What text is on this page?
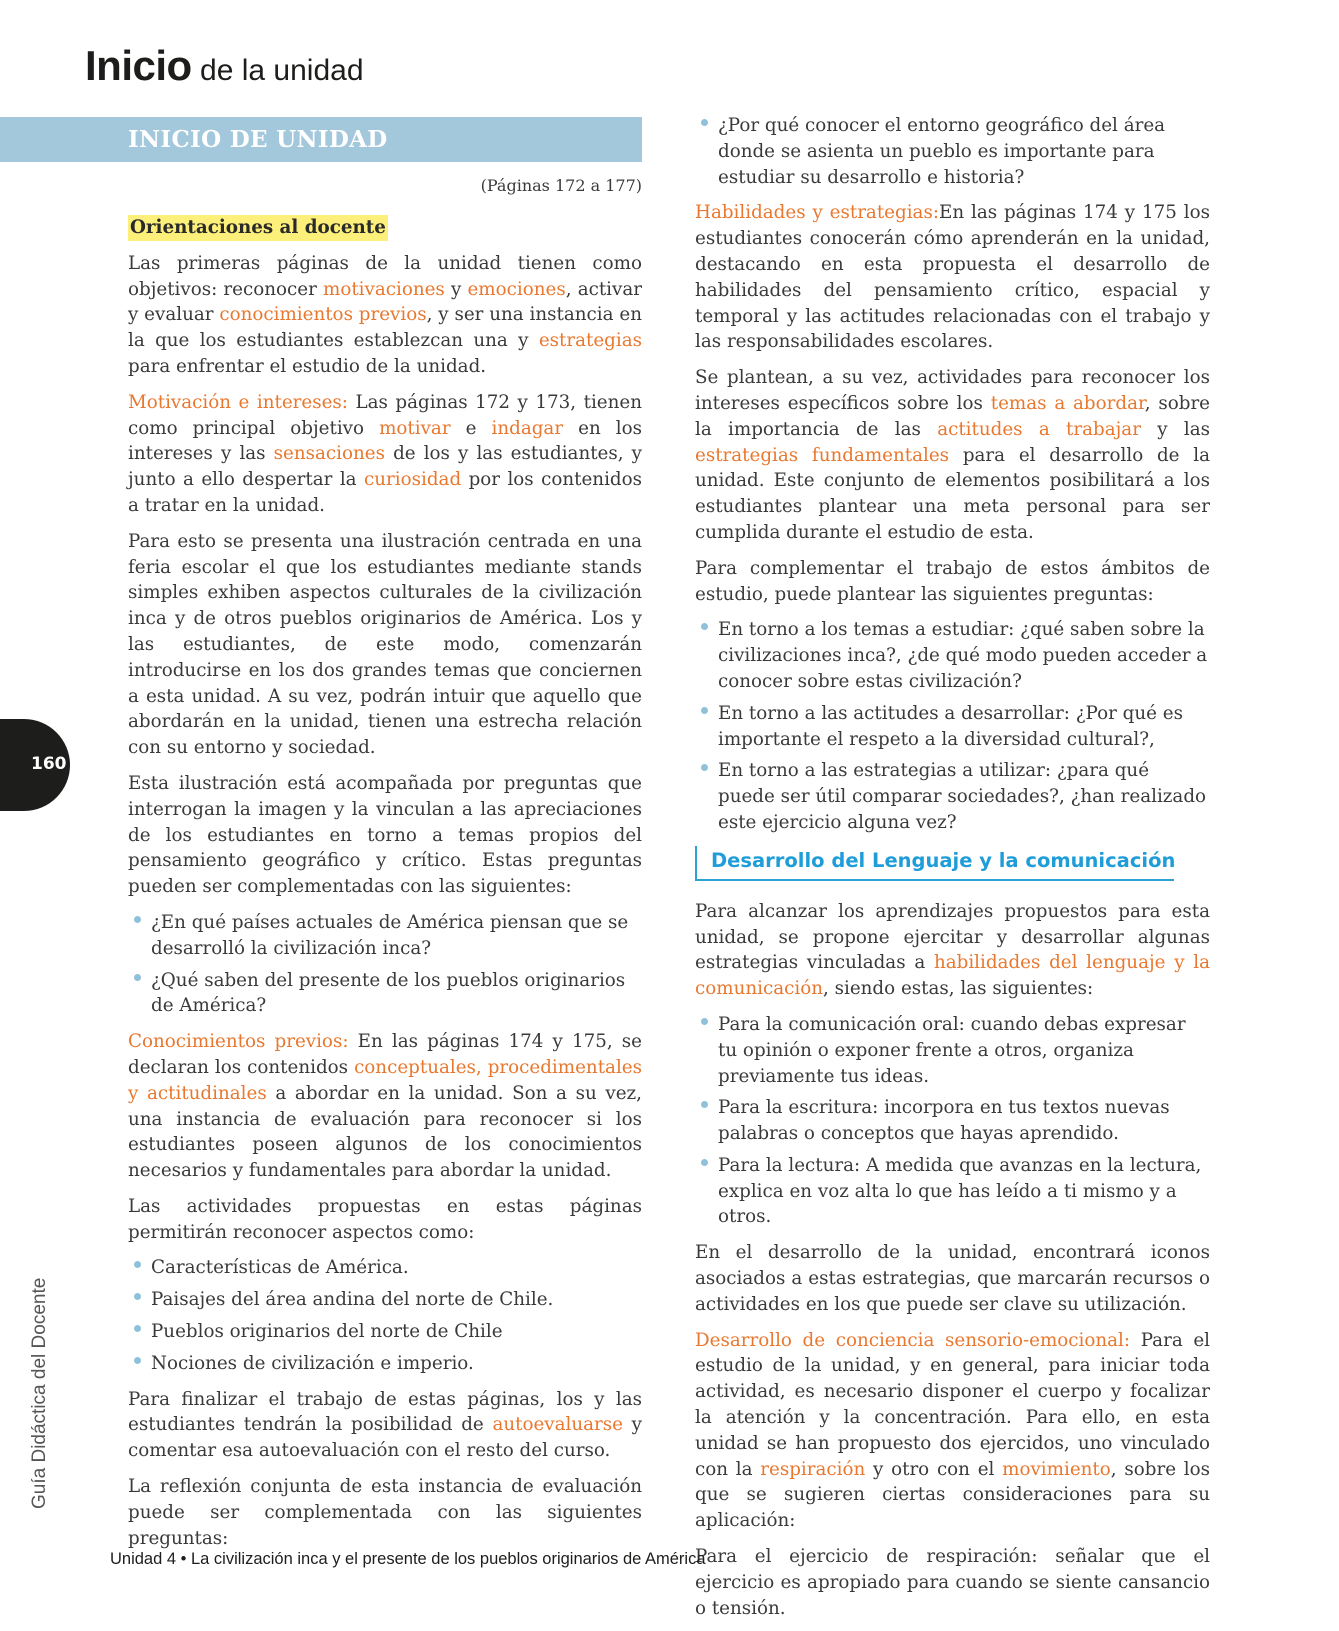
Inicio de la unidad
INICIO DE UNIDAD
(Páginas 172 a 177)
Orientaciones al docente

Las primeras páginas de la unidad tienen como objetivos: reconocer motivaciones y emociones, activar y evaluar conocimientos previos, y ser una instancia en la que los estudiantes establezcan una y estrategias para enfrentar el estudio de la unidad.

Motivación e intereses: Las páginas 172 y 173, tienen como principal objetivo motivar e indagar en los intereses y las sensaciones de los y las estudiantes, y junto a ello despertar la curiosidad por los contenidos a tratar en la unidad.

Para esto se presenta una ilustración centrada en una feria escolar el que los estudiantes mediante stands simples exhiben aspectos culturales de la civilización inca y de otros pueblos originarios de América. Los y las estudiantes, de este modo, comenzarán introducirse en los dos grandes temas que conciernen a esta unidad. A su vez, podrán intuir que aquello que abordarán en la unidad, tienen una estrecha relación con su entorno y sociedad.

Esta ilustración está acompañada por preguntas que interrogan la imagen y la vinculan a las apreciaciones de los estudiantes en torno a temas propios del pensamiento geográfico y crítico. Estas preguntas pueden ser complementadas con las siguientes:

¿En qué países actuales de América piensan que se desarrolló la civilización inca?
¿Qué saben del presente de los pueblos originarios de América?

Conocimientos previos: En las páginas 174 y 175, se declaran los contenidos conceptuales, procedimentales y actitudinales a abordar en la unidad. Son a su vez, una instancia de evaluación para reconocer si los estudiantes poseen algunos de los conocimientos necesarios y fundamentales para abordar la unidad.

Las actividades propuestas en estas páginas permitirán reconocer aspectos como:

Características de América.
Paisajes del área andina del norte de Chile.
Pueblos originarios del norte de Chile
Nociones de civilización e imperio.

Para finalizar el trabajo de estas páginas, los y las estudiantes tendrán la posibilidad de autoevaluarse y comentar esa autoevaluación con el resto del curso.

La reflexión conjunta de esta instancia de evaluación puede ser complementada con las siguientes preguntas:

¿Por qué conocer el entorno geográfico del área donde se asienta un pueblo es importante para estudiar su desarrollo e historia?

Habilidades y estrategias:En las páginas 174 y 175 los estudiantes conocerán cómo aprenderán en la unidad, destacando en esta propuesta el desarrollo de habilidades del pensamiento crítico, espacial y temporal y las actitudes relacionadas con el trabajo y las responsabilidades escolares.

Se plantean, a su vez, actividades para reconocer los intereses específicos sobre los temas a abordar, sobre la importancia de las actitudes a trabajar y las estrategias fundamentales para el desarrollo de la unidad. Este conjunto de elementos posibilitará a los estudiantes plantear una meta personal para ser cumplida durante el estudio de esta.

Para complementar el trabajo de estos ámbitos de estudio, puede plantear las siguientes preguntas:

En torno a los temas a estudiar: ¿qué saben sobre la civilizaciones inca?, ¿de qué modo pueden acceder a conocer sobre estas civilización?
En torno a las actitudes a desarrollar: ¿Por qué es importante el respeto a la diversidad cultural?,
En torno a las estrategias a utilizar: ¿para qué puede ser útil comparar sociedades?, ¿han realizado este ejercicio alguna vez?
Desarrollo del Lenguaje y la comunicación

Para alcanzar los aprendizajes propuestos para esta unidad, se propone ejercitar y desarrollar algunas estrategias vinculadas a habilidades del lenguaje y la comunicación, siendo estas, las siguientes:

Para la comunicación oral: cuando debas expresar tu opinión o exponer frente a otros, organiza previamente tus ideas.
Para la escritura: incorpora en tus textos nuevas palabras o conceptos que hayas aprendido.
Para la lectura: A medida que avanzas en la lectura, explica en voz alta lo que has leído a ti mismo y a otros.

En el desarrollo de la unidad, encontrará iconos asociados a estas estrategias, que marcarán recursos o actividades en los que puede ser clave su utilización.

Desarrollo de conciencia sensorio-emocional: Para el estudio de la unidad, y en general, para iniciar toda actividad, es necesario disponer el cuerpo y focalizar la atención y la concentración. Para ello, en esta unidad se han propuesto dos ejercidos, uno vinculado con la respiración y otro con el movimiento, sobre los que se sugieren ciertas consideraciones para su aplicación:

Para el ejercicio de respiración: señalar que el ejercicio es apropiado para cuando se siente cansancio o tensión.

160
Guía Didáctica del Docente
Unidad 4 • La civilización inca y el presente de los pueblos originarios de América
